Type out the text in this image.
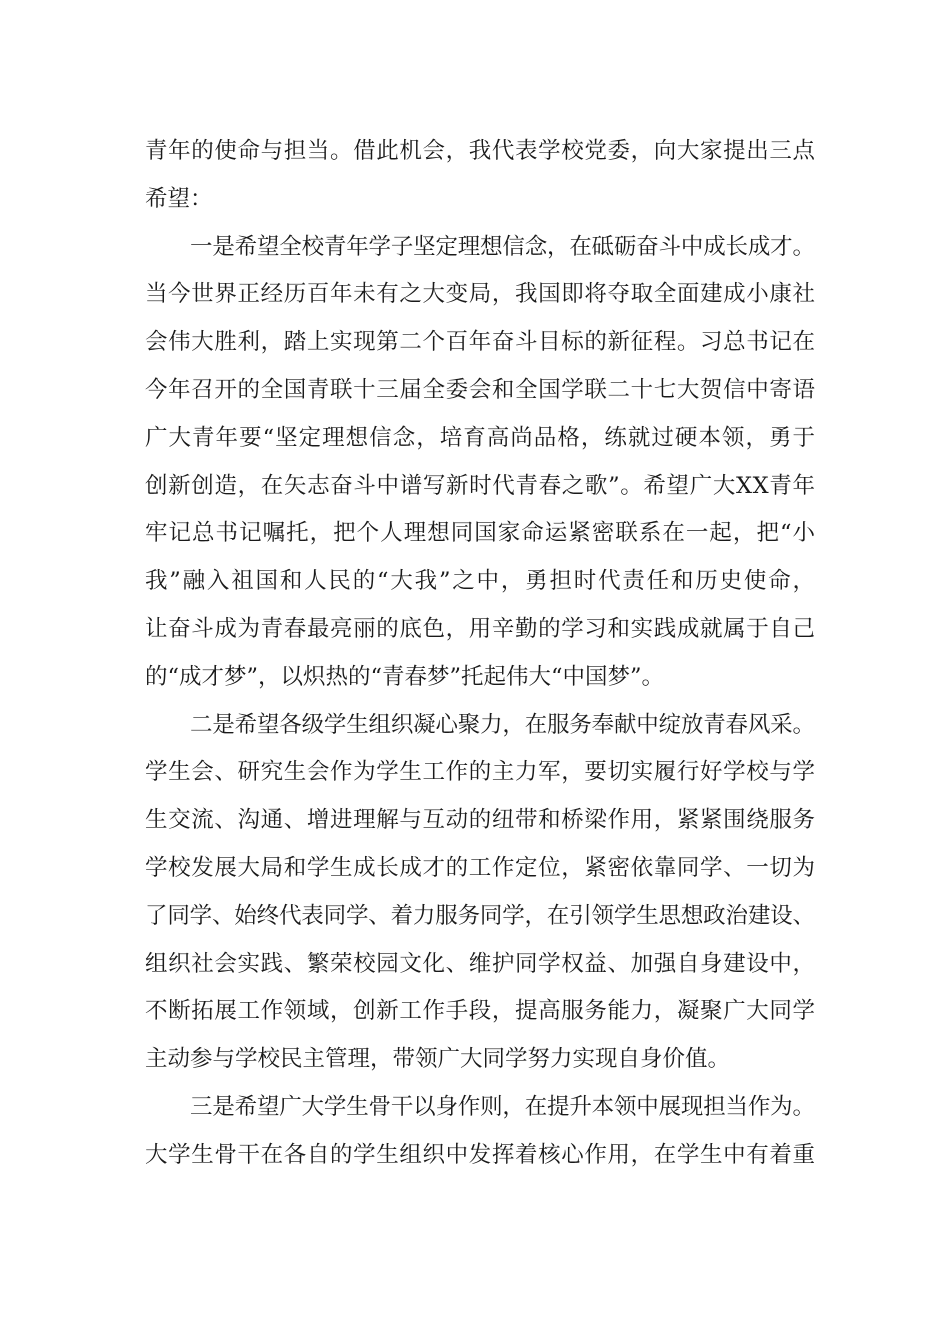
青年的使命与担当。借此机会，我代表学校党委，向大家提出三点
希望：
一是希望全校青年学子坚定理想信念，在砥砺奋斗中成长成才。
当今世界正经历百年未有之大变局，我国即将夺取全面建成小康社
会伟大胜利，踏上实现第二个百年奋斗目标的新征程。习总书记在
今年召开的全国青联十三届全委会和全国学联二十七大贺信中寄语
广大青年要“坚定理想信念，培育高尚品格，练就过硬本领，勇于
创新创造，在矢志奋斗中谱写新时代青春之歌”。希望广大XX青年
牢记总书记嘱托，把个人理想同国家命运紧密联系在一起，把“小
我”融入祖国和人民的“大我”之中，勇担时代责任和历史使命，
让奋斗成为青春最亮丽的底色，用辛勤的学习和实践成就属于自己
的“成才梦”，以炽热的“青春梦”托起伟大“中国梦”。
二是希望各级学生组织凝心聚力，在服务奉献中绽放青春风采。
学生会、研究生会作为学生工作的主力军，要切实履行好学校与学
生交流、沟通、增进理解与互动的纽带和桥梁作用，紧紧围绕服务
学校发展大局和学生成长成才的工作定位，紧密依靠同学、一切为
了同学、始终代表同学、着力服务同学，在引领学生思想政治建设、
组织社会实践、繁荣校园文化、维护同学权益、加强自身建设中，
不断拓展工作领域，创新工作手段，提高服务能力，凝聚广大同学
主动参与学校民主管理，带领广大同学努力实现自身价值。
三是希望广大学生骨干以身作则，在提升本领中展现担当作为。
大学生骨干在各自的学生组织中发挥着核心作用，在学生中有着重
